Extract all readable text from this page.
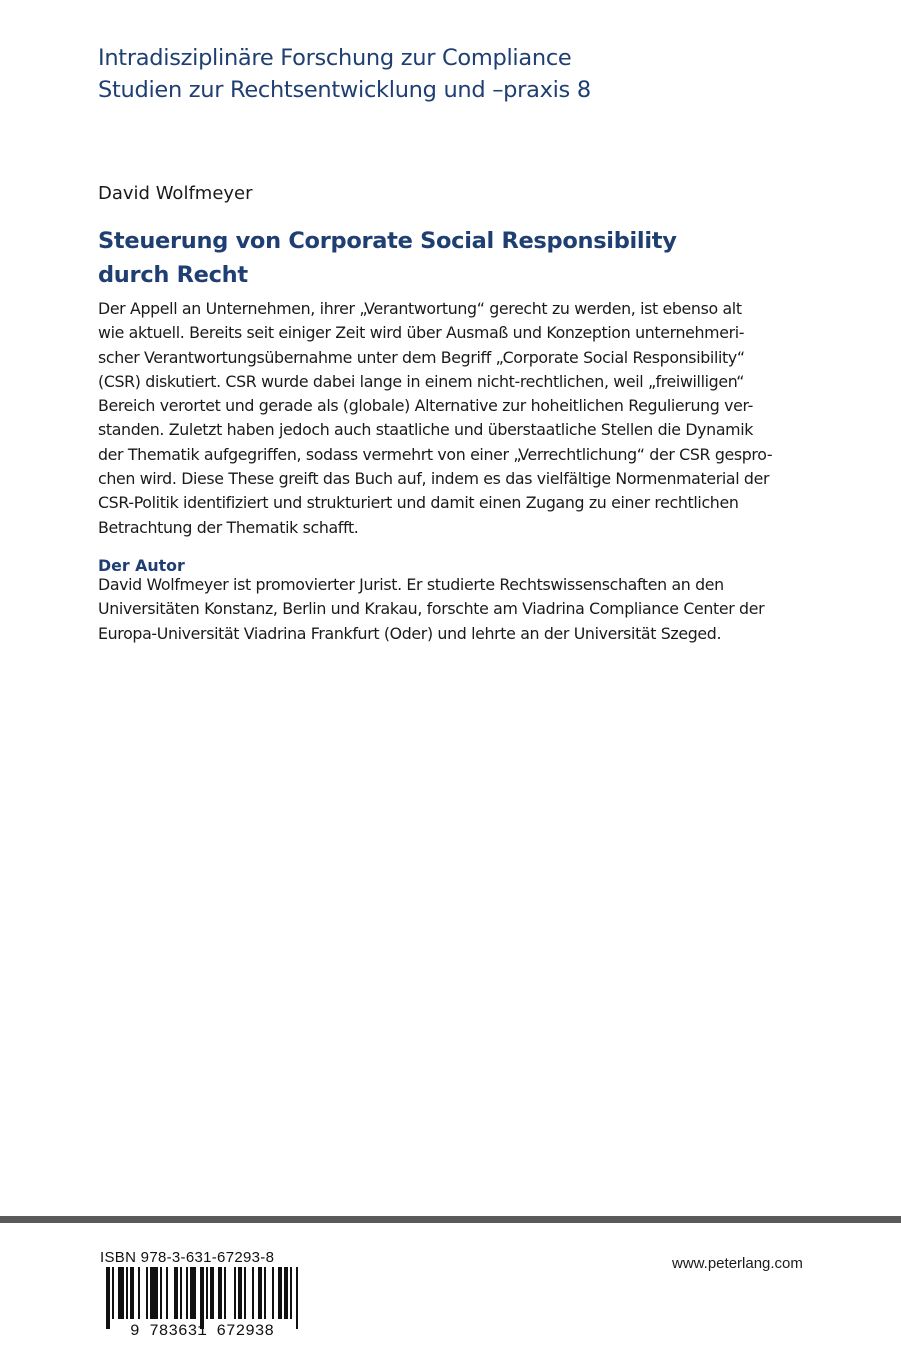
Intradisziplinäre Forschung zur Compliance
Studien zur Rechtsentwicklung und –praxis 8
David Wolfmeyer
Steuerung von Corporate Social Responsibility
durch Recht
Der Appell an Unternehmen, ihrer „Verantwortung“ gerecht zu werden, ist ebenso alt
wie aktuell. Bereits seit einiger Zeit wird über Ausmaß und Konzeption unternehmeri-
scher Verantwortungsübernahme unter dem Begriff „Corporate Social Responsibility“
(CSR) diskutiert. CSR wurde dabei lange in einem nicht-rechtlichen, weil „freiwilligen“
Bereich verortet und gerade als (globale) Alternative zur hoheitlichen Regulierung ver-
standen. Zuletzt haben jedoch auch staatliche und überstaatliche Stellen die Dynamik
der Thematik aufgegriffen, sodass vermehrt von einer „Verrechtlichung“ der CSR gespro-
chen wird. Diese These greift das Buch auf, indem es das vielfältige Normenmaterial der
CSR-Politik identifiziert und strukturiert und damit einen Zugang zu einer rechtlichen
Betrachtung der Thematik schafft.
Der Autor
David Wolfmeyer ist promovierter Jurist. Er studierte Rechtswissenschaften an den
Universitäten Konstanz, Berlin und Krakau, forschte am Viadrina Compliance Center der
Europa-Universität Viadrina Frankfurt (Oder) und lehrte an der Universität Szeged.
ISBN 978-3-631-67293-8
9 783631 672938
www.peterlang.com
